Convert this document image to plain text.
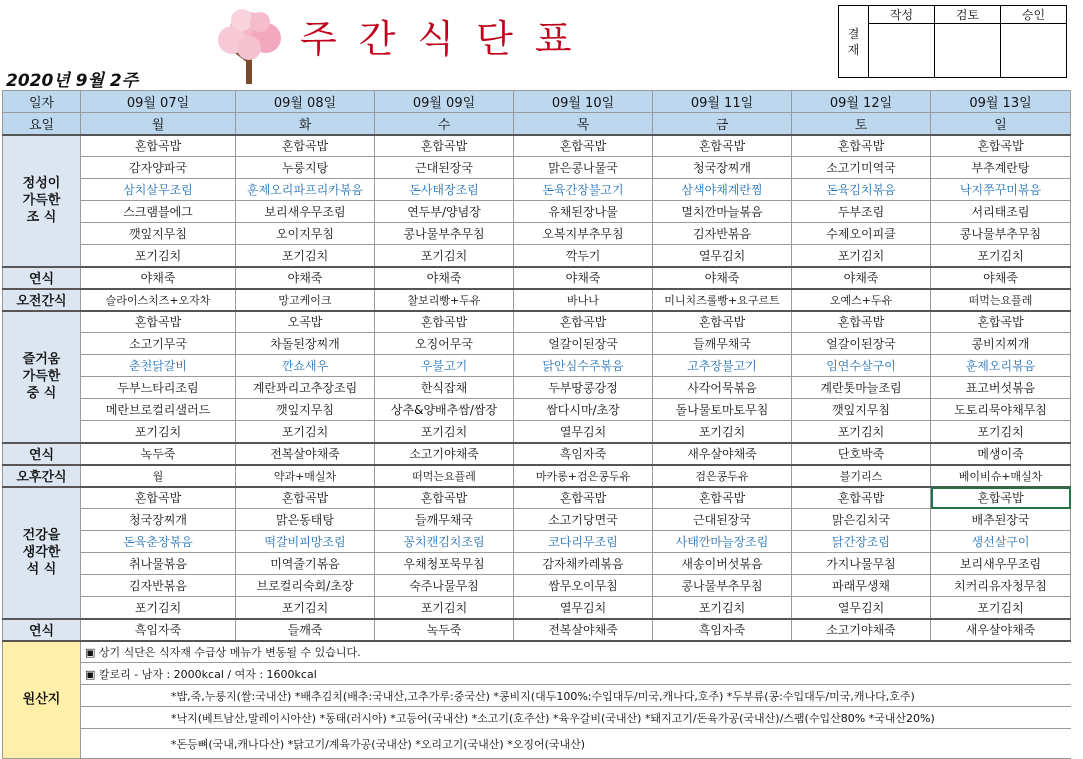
주간식단표
2020년 9월 2주
결
재	작성	검토	승인

일자	09월 07일	09월 08일	09월 09일	09월 10일	09월 11일	09월 12일	09월 13일
요일	월	화	수	목	금	토	일
정성이
가득한
조 식	혼합곡밥	혼합곡밥	혼합곡밥	혼합곡밥	혼합곡밥	혼합곡밥	혼합곡밥
	감자양파국	누룽지탕	근대된장국	맑은콩나물국	청국장찌개	소고기미역국	부추계란탕
	삼치살무조림	훈제오리파프리카볶음	돈사태장조림	돈육간장불고기	삼색야채계란찜	돈육김치볶음	낙지쭈꾸미볶음
	스크램블에그	보리새우무조림	연두부/양념장	유채된장나물	멸치깐마늘볶음	두부조림	서리태조림
	깻잎지무침	오이지무침	콩나물부추무침	오복지부추무침	김자반볶음	수제오이피클	콩나물부추무침
	포기김치	포기김치	포기김치	깍두기	열무김치	포기김치	포기김치
연식	야채죽	야채죽	야채죽	야채죽	야채죽	야채죽	야채죽
오전간식	슬라이스치즈+오자차	망고케이크	찰보리빵+두유	바나나	미니치즈롤빵+요구르트	오예스+두유	떠먹는요플레
즐거움
가득한
중 식	혼합곡밥	오곡밥	혼합곡밥	혼합곡밥	혼합곡밥	혼합곡밥	혼합곡밥
	소고기무국	차돌된장찌개	오징어무국	얼갈이된장국	들깨무채국	얼갈이된장국	콩비지찌개
	춘천닭갈비	깐쇼새우	우불고기	닭안심수주볶음	고추장불고기	임연수살구이	훈제오리볶음
	두부느타리조림	계란꽈리고추장조림	한식잡채	두부땅콩강정	사각어묵볶음	계란톳마늘조림	표고버섯볶음
	메란브로컬리샐러드	깻잎지무침	상추&양배추쌈/쌈장	쌈다시마/초장	돌나물토마토무침	깻잎지무침	도토리묵야채무침
	포기김치	포기김치	포기김치	열무김치	포기김치	포기김치	포기김치
연식	녹두죽	전복살야채죽	소고기야채죽	흑임자죽	새우살야채죽	단호박죽	메생이죽
오후간식	월	약과+매실차	떠먹는요플레	마카롱+검은콩두유	검은콩두유	블기리스	베이비슈+매실차
건강을
생각한
석 식	혼합곡밥	혼합곡밥	혼합곡밥	혼합곡밥	혼합곡밥	혼합곡밥	혼합곡밥
	청국장찌개	맑은동태탕	들깨무채국	소고기당면국	근대된장국	맑은김치국	배추된장국
	돈육춘장볶음	떡갈비피망조림	꽁치캔김치조림	코다리무조림	사태깐마늘장조림	닭간장조림	생선살구이
	취나물볶음	미역줄기볶음	우채청포묵무침	감자채카레볶음	새송이버섯볶음	가지나물무침	보리새우무조림
	김자반볶음	브로컬리숙회/초장	숙주나물무침	쌈무오이무침	콩나물부추무침	파래무생채	치커리유자청무침
	포기김치	포기김치	포기김치	열무김치	포기김치	열무김치	포기김치
연식	흑임자죽	들깨죽	녹두죽	전복살야채죽	흑임자죽	소고기야채죽	새우살야채죽
원산지	▣ 상기 식단은 식자재 수급상 메뉴가 변동될 수 있습니다.						
	▣ 칼로리 - 남자 : 2000kcal / 여자 : 1600kcal						
	*밥,죽,누룽지(쌀:국내산) *배추김치(배추:국내산,고추가루:중국산) *콩비지(대두100%:수입대두/미국,캐나다,호주) *두부류(콩:수입대두/미국,캐나다,호주)						
	*낙지(베트남산,말레이시아산) *동태(러시아) *고등어(국내산) *소고기(호주산) *육우갈비(국내산) *돼지고기/돈육가공(국내산)/스팸(수입산80% *국내산20%)						
	*돈등뼈(국내,캐나다산) *닭고기/계육가공(국내산) *오리고기(국내산) *오징어(국내산)						
